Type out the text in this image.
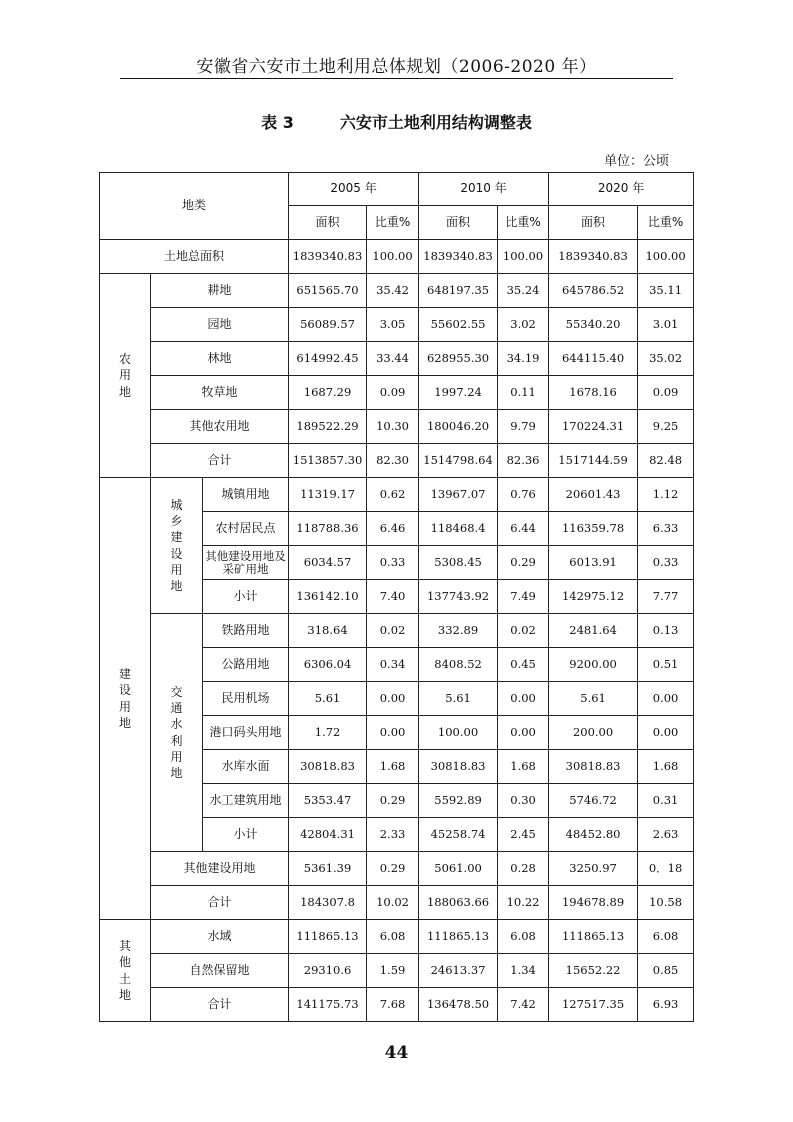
安徽省六安市土地利用总体规划（2006-2020 年）
表 3	六安市土地利用结构调整表
单位：公顷
地类			2005 年		2010 年		2020 年	
			面积	比重%	面积	比重%	面积	比重%
土地总面积			1839340.83	100.00	1839340.83	100.00	1839340.83	100.00
农用地	耕地		651565.70	35.42	648197.35	35.24	645786.52	35.11
	园地		56089.57	3.05	55602.55	3.02	55340.20	3.01
	林地		614992.45	33.44	628955.30	34.19	644115.40	35.02
	牧草地		1687.29	0.09	1997.24	0.11	1678.16	0.09
	其他农用地		189522.29	10.30	180046.20	9.79	170224.31	9.25
	合计		1513857.30	82.30	1514798.64	82.36	1517144.59	82.48
建设用地	城乡建设用地	城镇用地	11319.17	0.62	13967.07	0.76	20601.43	1.12
		农村居民点	118788.36	6.46	118468.4	6.44	116359.78	6.33
		其他建设用地及采矿用地	6034.57	0.33	5308.45	0.29	6013.91	0.33
		小计	136142.10	7.40	137743.92	7.49	142975.12	7.77
	交通水利用地	铁路用地	318.64	0.02	332.89	0.02	2481.64	0.13
		公路用地	6306.04	0.34	8408.52	0.45	9200.00	0.51
		民用机场	5.61	0.00	5.61	0.00	5.61	0.00
		港口码头用地	1.72	0.00	100.00	0.00	200.00	0.00
		水库水面	30818.83	1.68	30818.83	1.68	30818.83	1.68
		水工建筑用地	5353.47	0.29	5592.89	0.30	5746.72	0.31
		小计	42804.31	2.33	45258.74	2.45	48452.80	2.63
	其他建设用地		5361.39	0.29	5061.00	0.28	3250.97	0．18
	合计		184307.8	10.02	188063.66	10.22	194678.89	10.58
其他土地	水域		111865.13	6.08	111865.13	6.08	111865.13	6.08
	自然保留地		29310.6	1.59	24613.37	1.34	15652.22	0.85
	合计		141175.73	7.68	136478.50	7.42	127517.35	6.93
44
